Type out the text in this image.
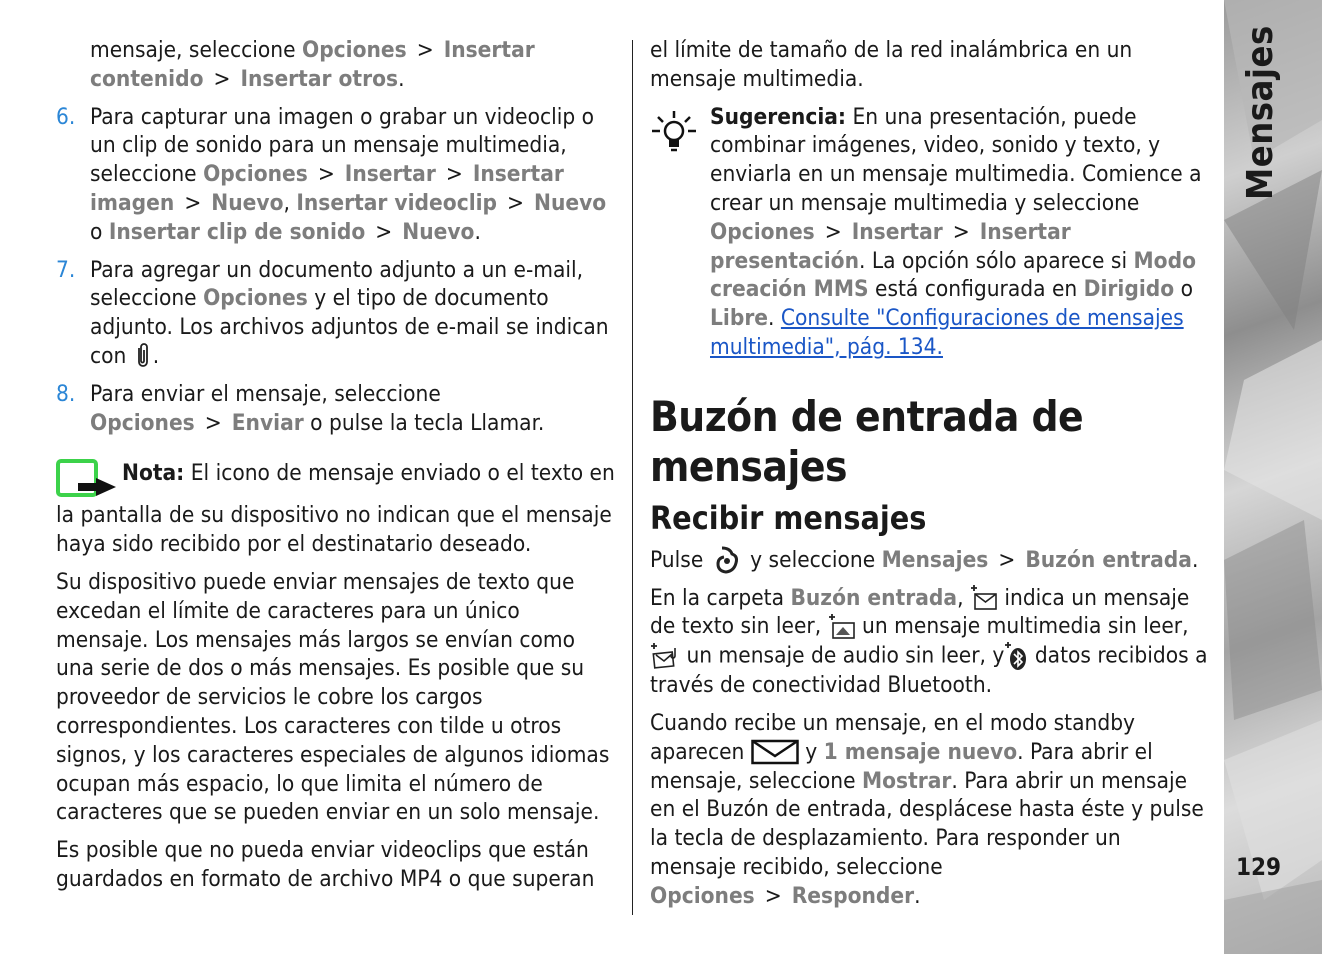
Mensajes
129

mensaje, seleccione Opciones > Insertar contenido > Insertar otros.

6. Para capturar una imagen o grabar un videoclip o un clip de sonido para un mensaje multimedia, seleccione Opciones > Insertar > Insertar imagen > Nuevo, Insertar videoclip > Nuevo o Insertar clip de sonido > Nuevo.
7. Para agregar un documento adjunto a un e-mail, seleccione Opciones y el tipo de documento adjunto. Los archivos adjuntos de e-mail se indican con .
8. Para enviar el mensaje, seleccione Opciones > Enviar o pulse la tecla Llamar.

Nota: El icono de mensaje enviado o el texto en la pantalla de su dispositivo no indican que el mensaje haya sido recibido por el destinatario deseado.

Su dispositivo puede enviar mensajes de texto que excedan el límite de caracteres para un único mensaje. Los mensajes más largos se envían como una serie de dos o más mensajes. Es posible que su proveedor de servicios le cobre los cargos correspondientes. Los caracteres con tilde u otros signos, y los caracteres especiales de algunos idiomas ocupan más espacio, lo que limita el número de caracteres que se pueden enviar en un solo mensaje.

Es posible que no pueda enviar videoclips que están guardados en formato de archivo MP4 o que superan

el límite de tamaño de la red inalámbrica en un mensaje multimedia.

Sugerencia: En una presentación, puede combinar imágenes, video, sonido y texto, y enviarla en un mensaje multimedia. Comience a crear un mensaje multimedia y seleccione Opciones > Insertar > Insertar presentación. La opción sólo aparece si Modo creación MMS está configurada en Dirigido o Libre. Consulte "Configuraciones de mensajes multimedia", pág. 134.
Buzón de entrada de mensajes
Recibir mensajes

Pulse y seleccione Mensajes > Buzón entrada.

En la carpeta Buzón entrada,  indica un mensaje de texto sin leer, un mensaje multimedia sin leer,  un mensaje de audio sin leer, y datos recibidos a través de conectividad Bluetooth.

Cuando recibe un mensaje, en el modo standby aparecen	y 1 mensaje nuevo. Para abrir el mensaje, seleccione Mostrar. Para abrir un mensaje en el Buzón de entrada, desplácese hasta éste y pulse la tecla de desplazamiento. Para responder un mensaje recibido, seleccione Opciones > Responder.
